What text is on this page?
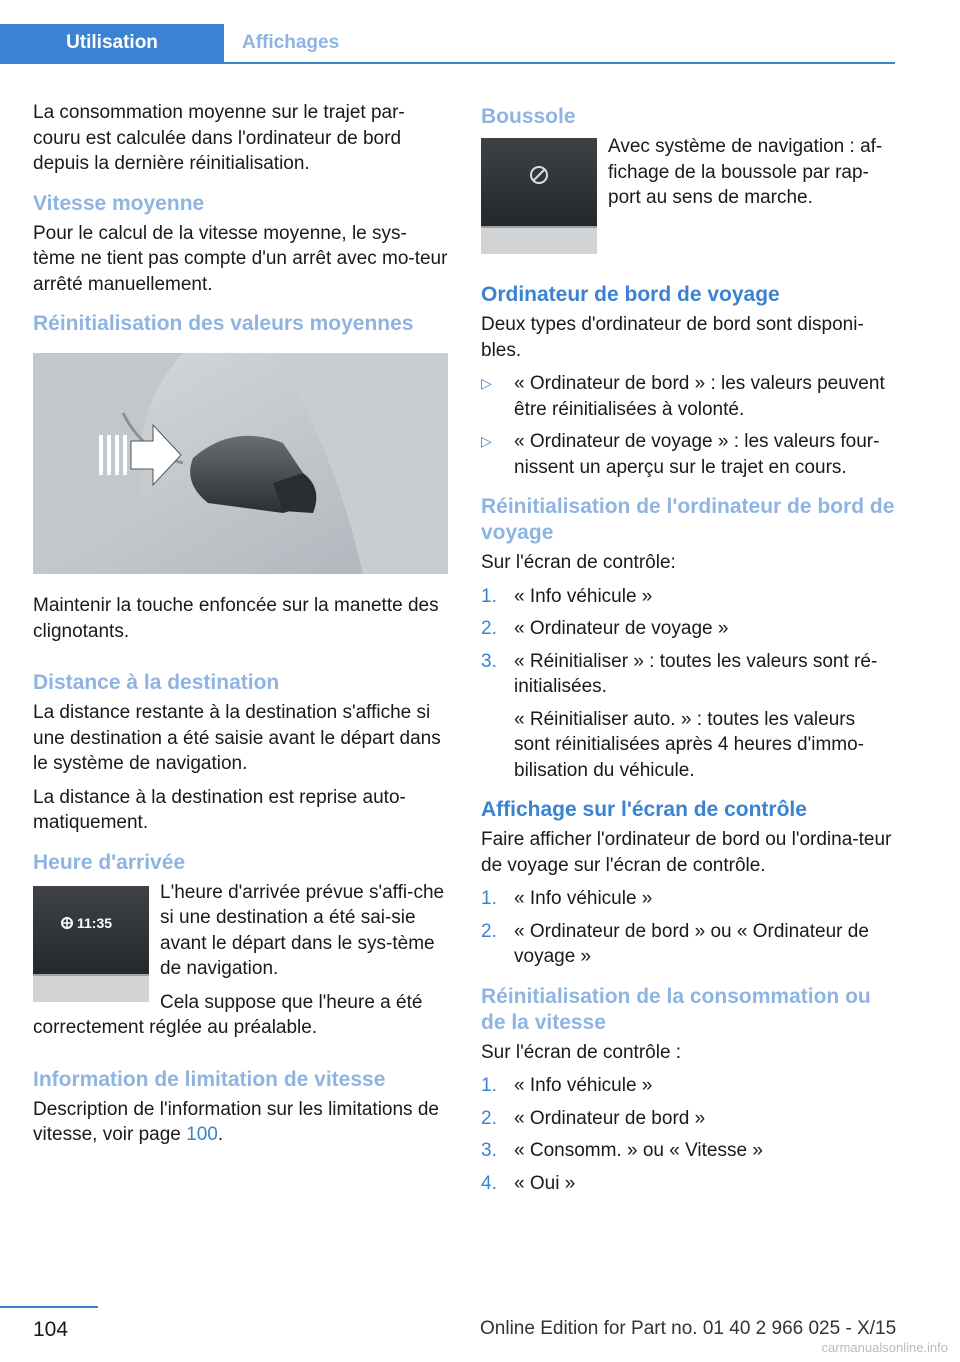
Utilisation	Affichages

La consommation moyenne sur le trajet par-couru est calculée dans l'ordinateur de bord depuis la dernière réinitialisation.

Vitesse moyenne

Pour le calcul de la vitesse moyenne, le sys-tème ne tient pas compte d'un arrêt avec mo-teur arrêté manuellement.

Réinitialisation des valeurs moyennes

Maintenir la touche enfoncée sur la manette des clignotants.

Distance à la destination

La distance restante à la destination s'affiche si une destination a été saisie avant le départ dans le système de navigation.

La distance à la destination est reprise auto-matiquement.

Heure d'arrivée
11:35

L'heure d'arrivée prévue s'affi-che si une destination a été sai-sie avant le départ dans le sys-tème de navigation.

Cela suppose que l'heure a été correctement réglée au préalable.

Information de limitation de vitesse

Description de l'information sur les limitations de vitesse, voir page 100.

Boussole

Avec système de navigation : af-fichage de la boussole par rap-port au sens de marche.

Ordinateur de bord de voyage

Deux types d'ordinateur de bord sont disponi-bles.

▷ « Ordinateur de bord » : les valeurs peuvent être réinitialisées à volonté.
▷ « Ordinateur de voyage » : les valeurs four-nissent un aperçu sur le trajet en cours.
Réinitialisation de l'ordinateur de bord de voyage

Sur l'écran de contrôle:

1. « Info véhicule »
2. « Ordinateur de voyage »
3. « Réinitialiser » : toutes les valeurs sont ré-initialisées.
« Réinitialiser auto. » : toutes les valeurs sont réinitialisées après 4 heures d'immo-bilisation du véhicule.
Affichage sur l'écran de contrôle

Faire afficher l'ordinateur de bord ou l'ordina-teur de voyage sur l'écran de contrôle.

1. « Info véhicule »
2. « Ordinateur de bord » ou « Ordinateur de voyage »
Réinitialisation de la consommation ou de la vitesse

Sur l'écran de contrôle :

1. « Info véhicule »
2. « Ordinateur de bord »
3. « Consomm. » ou « Vitesse »
4. « Oui »
104	Online Edition for Part no. 01 40 2 966 025 - X/15
carmanualsonline.info
